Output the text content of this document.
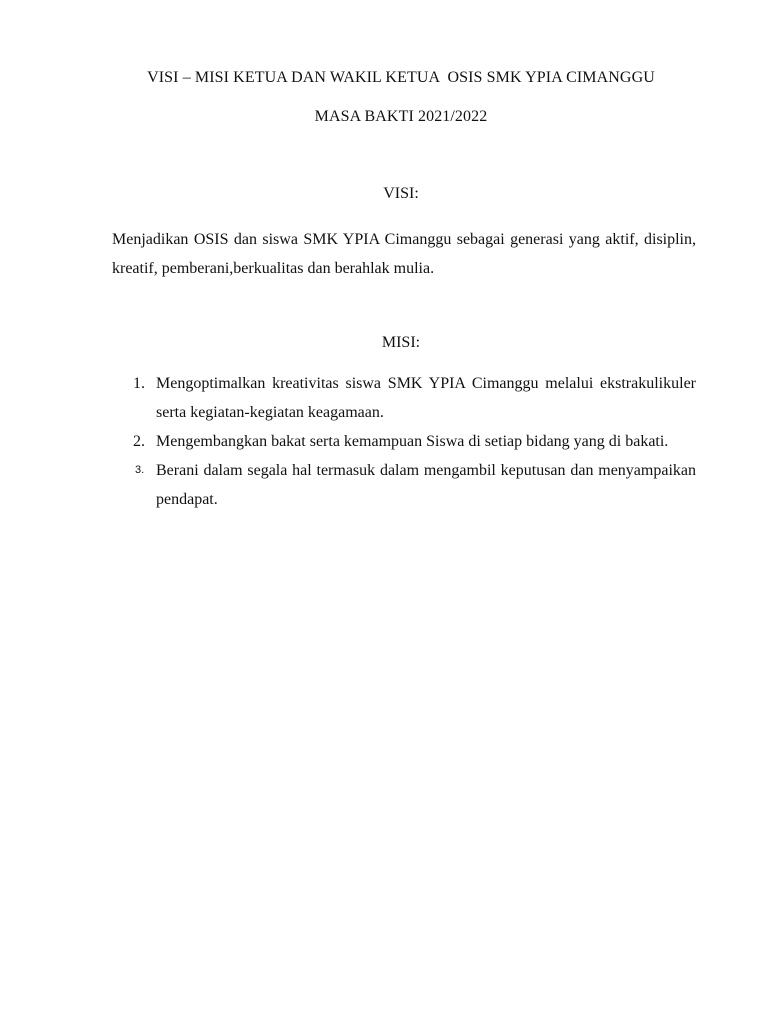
VISI – MISI KETUA DAN WAKIL KETUA  OSIS SMK YPIA CIMANGGU
MASA BAKTI 2021/2022
VISI:

Menjadikan OSIS dan siswa SMK YPIA Cimanggu sebagai generasi yang aktif, disiplin, kreatif, pemberani,berkualitas dan berahlak mulia.

MISI:
1. Mengoptimalkan kreativitas siswa SMK YPIA Cimanggu melalui ekstrakulikuler serta kegiatan-kegiatan keagamaan.
2. Mengembangkan bakat serta kemampuan Siswa di setiap bidang yang di bakati.
3. Berani dalam segala hal termasuk dalam mengambil keputusan dan menyampaikan pendapat.
